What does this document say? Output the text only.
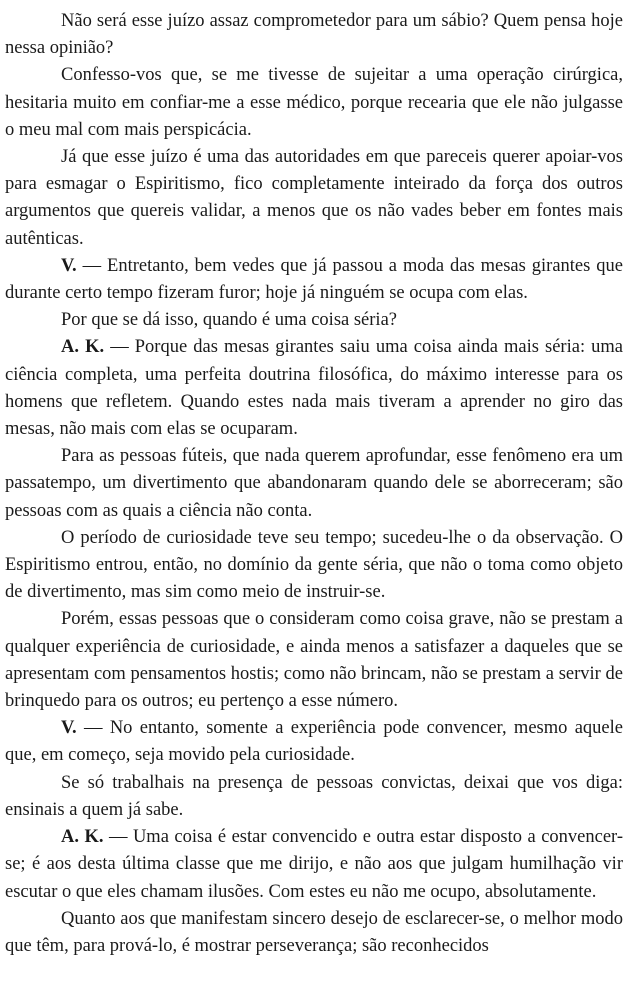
Não será esse juízo assaz comprometedor para um sábio? Quem pensa hoje nessa opinião?

Confesso-vos que, se me tivesse de sujeitar a uma operação cirúrgica, hesitaria muito em confiar-me a esse médico, porque recearia que ele não julgasse o meu mal com mais perspicácia.

Já que esse juízo é uma das autoridades em que pareceis querer apoiar-vos para esmagar o Espiritismo, fico completamente inteirado da força dos outros argumentos que quereis validar, a menos que os não vades beber em fontes mais autênticas.

V. — Entretanto, bem vedes que já passou a moda das mesas girantes que durante certo tempo fizeram furor; hoje já ninguém se ocupa com elas.

Por que se dá isso, quando é uma coisa séria?

A. K. — Porque das mesas girantes saiu uma coisa ainda mais séria: uma ciência completa, uma perfeita doutrina filosófica, do máximo interesse para os homens que refletem. Quando estes nada mais tiveram a aprender no giro das mesas, não mais com elas se ocuparam.

Para as pessoas fúteis, que nada querem aprofundar, esse fenômeno era um passatempo, um divertimento que abandonaram quando dele se aborreceram; são pessoas com as quais a ciência não conta.

O período de curiosidade teve seu tempo; sucedeu-lhe o da observação. O Espiritismo entrou, então, no domínio da gente séria, que não o toma como objeto de divertimento, mas sim como meio de instruir-se.

Porém, essas pessoas que o consideram como coisa grave, não se prestam a qualquer experiência de curiosidade, e ainda menos a satisfazer a daqueles que se apresentam com pensamentos hostis; como não brincam, não se prestam a servir de brinquedo para os outros; eu pertenço a esse número.

V. — No entanto, somente a experiência pode convencer, mesmo aquele que, em começo, seja movido pela curiosidade.

Se só trabalhais na presença de pessoas convictas, deixai que vos diga: ensinais a quem já sabe.

A. K. — Uma coisa é estar convencido e outra estar disposto a convencer-se; é aos desta última classe que me dirijo, e não aos que julgam humilhação vir escutar o que eles chamam ilusões. Com estes eu não me ocupo, absolutamente.

Quanto aos que manifestam sincero desejo de esclarecer-se, o melhor modo que têm, para prová-lo, é mostrar perseverança; são reconhecidos
